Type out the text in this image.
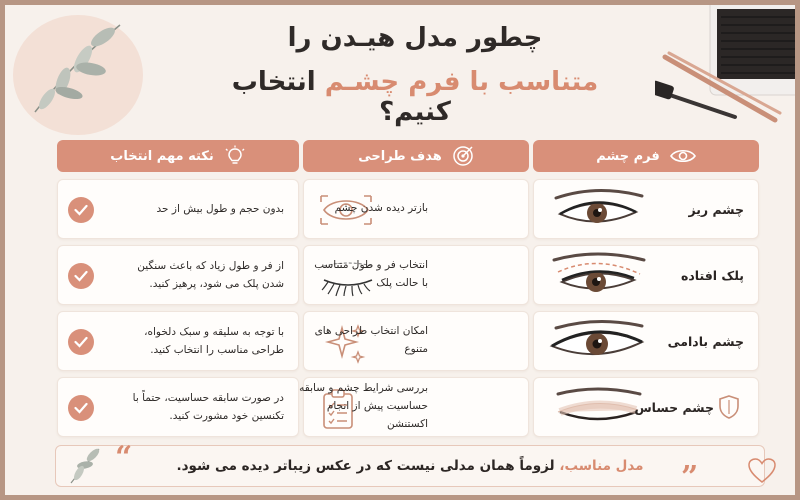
چطور مدل هیـدن را
متناسب با فرم چشـم انتخاب کنیم؟
فرم چشم
هدف طراحی
نکته مهم انتخاب
چشم ریز
بازتر دیده شدن چشم
بدون حجم و طول بیش از حد
پلک افتاده
انتخاب فر و طول متناسب با حالت پلک
از فر و طول زیاد که باعث سنگین شدن پلک می شود، پرهیز کنید.
چشم بادامی
امکان انتخاب طراحی های متنوع
با توجه به سلیقه و سبک دلخواه، طراحی مناسب را انتخاب کنید.
چشم حساس
بررسی شرایط چشم و سابقه حساسیت پیش از انجام اکستنشن
در صورت سابقه حساسیت، حتماً با تکنسین خود مشورت کنید.
مدل مناسب،

لزوماً همان مدلی نیست که در عکس زیباتر دیده می شود.
“
”
